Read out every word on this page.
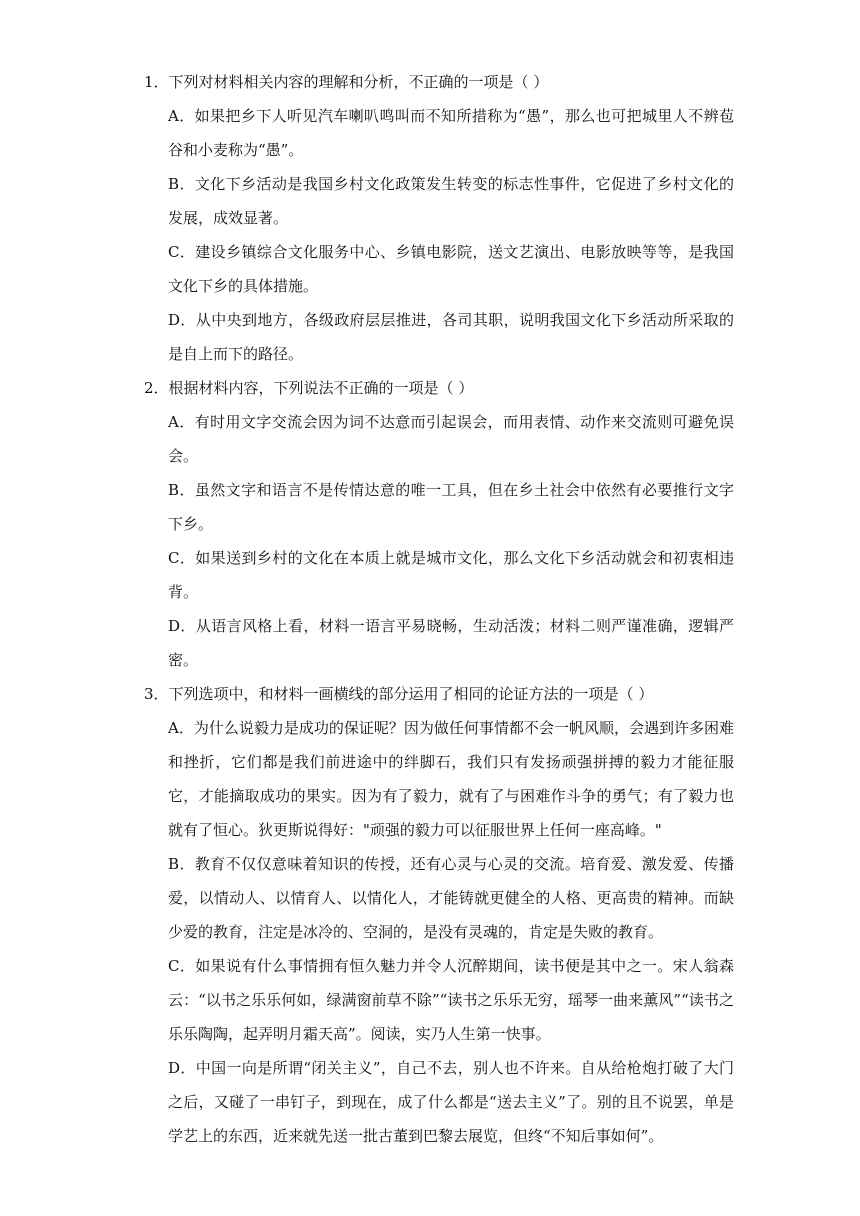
1．下列对材料相关内容的理解和分析，不正确的一项是（ ）

A．如果把乡下人听见汽车喇叭鸣叫而不知所措称为“愚”，那么也可把城里人不辨苞谷和小麦称为“愚”。

B．文化下乡活动是我国乡村文化政策发生转变的标志性事件，它促进了乡村文化的发展，成效显著。

C．建设乡镇综合文化服务中心、乡镇电影院，送文艺演出、电影放映等等，是我国文化下乡的具体措施。

D．从中央到地方，各级政府层层推进，各司其职，说明我国文化下乡活动所采取的是自上而下的路径。

2．根据材料内容，下列说法不正确的一项是（ ）

A．有时用文字交流会因为词不达意而引起误会，而用表情、动作来交流则可避免误会。

B．虽然文字和语言不是传情达意的唯一工具，但在乡土社会中依然有必要推行文字下乡。

C．如果送到乡村的文化在本质上就是城市文化，那么文化下乡活动就会和初衷相违背。

D．从语言风格上看，材料一语言平易晓畅，生动活泼；材料二则严谨准确，逻辑严密。

3．下列选项中，和材料一画横线的部分运用了相同的论证方法的一项是（ ）

A．为什么说毅力是成功的保证呢？因为做任何事情都不会一帆风顺，会遇到许多困难和挫折，它们都是我们前进途中的绊脚石，我们只有发扬顽强拼搏的毅力才能征服它，才能摘取成功的果实。因为有了毅力，就有了与困难作斗争的勇气；有了毅力也就有了恒心。狄更斯说得好："顽强的毅力可以征服世界上任何一座高峰。"

B．教育不仅仅意味着知识的传授，还有心灵与心灵的交流。培育爱、激发爱、传播爱，以情动人、以情育人、以情化人，才能铸就更健全的人格、更高贵的精神。而缺少爱的教育，注定是冰冷的、空洞的，是没有灵魂的，肯定是失败的教育。

C．如果说有什么事情拥有恒久魅力并令人沉醉期间，读书便是其中之一。宋人翁森云：“以书之乐乐何如，绿满窗前草不除”“读书之乐乐无穷，瑶琴一曲来薰风”“读书之乐乐陶陶，起弄明月霜天高”。阅读，实乃人生第一快事。

D．中国一向是所谓“闭关主义”，自己不去，别人也不许来。自从给枪炮打破了大门之后，又碰了一串钉子，到现在，成了什么都是“送去主义”了。别的且不说罢，单是学艺上的东西，近来就先送一批古董到巴黎去展览，但终“不知后事如何”。
